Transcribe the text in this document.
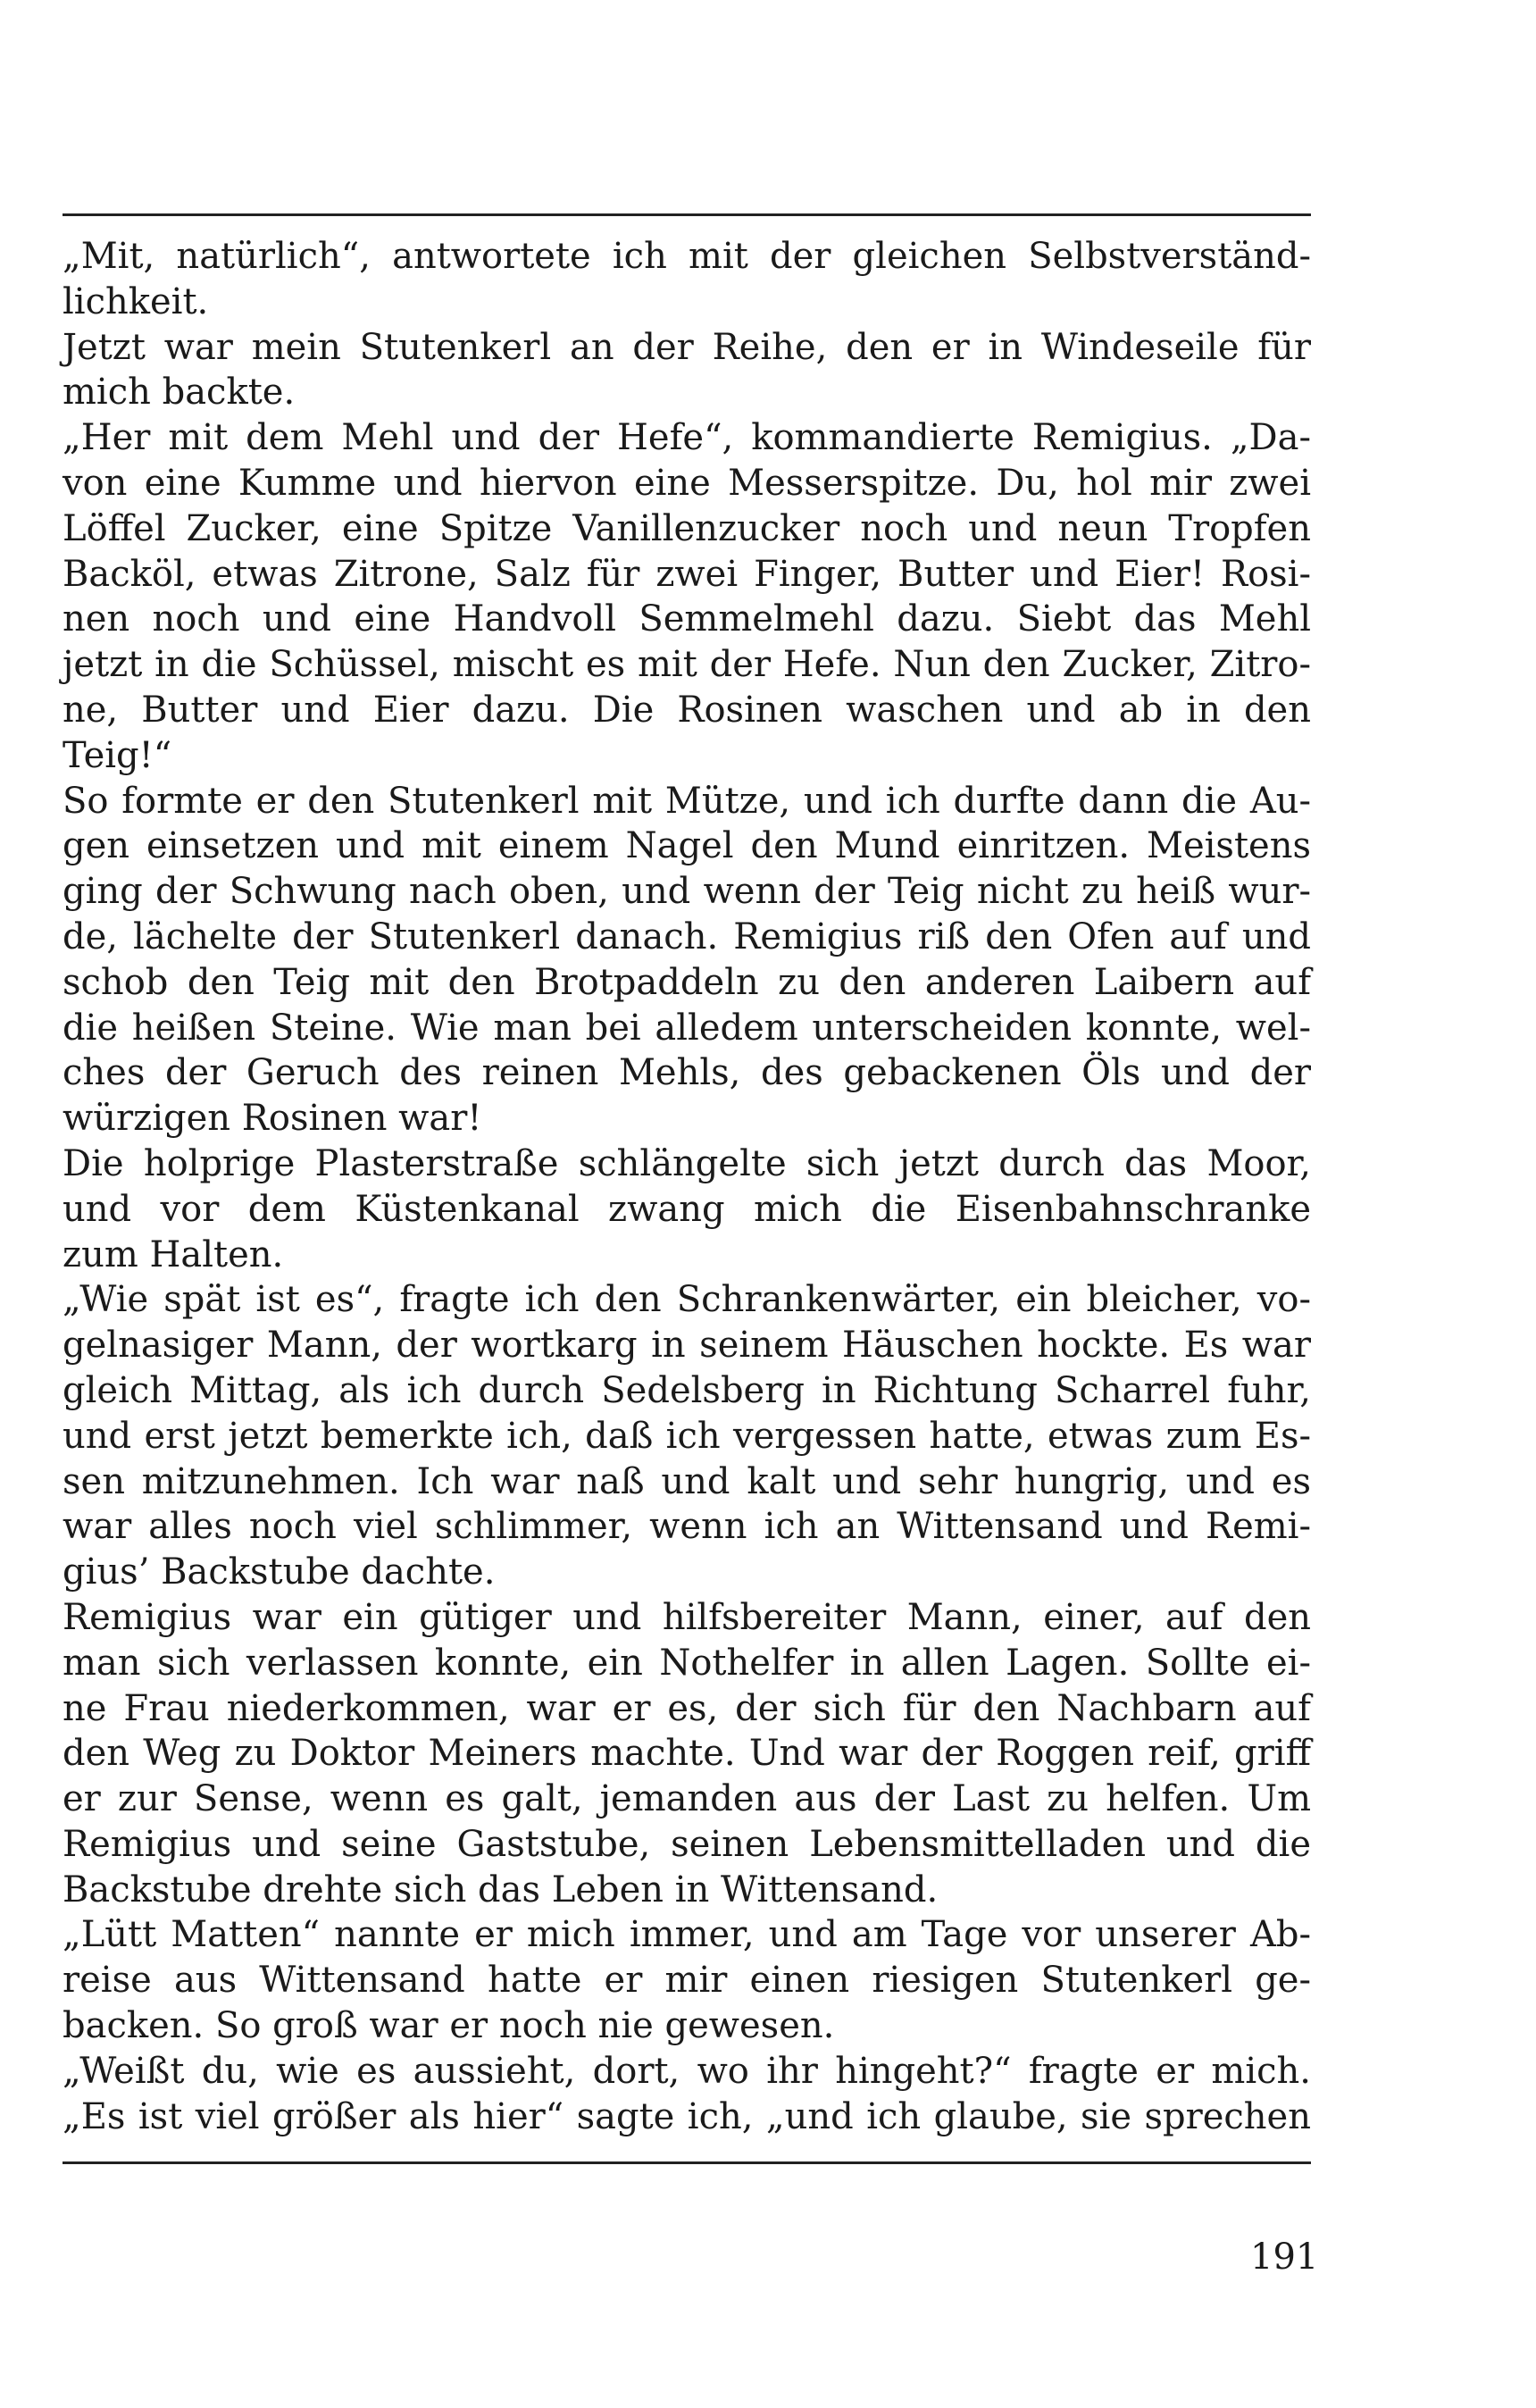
„Mit, natürlich“, antwortete ich mit der gleichen Selbstverständ-
lichkeit.
Jetzt war mein Stutenkerl an der Reihe, den er in Windeseile für
mich backte.
„Her mit dem Mehl und der Hefe“, kommandierte Remigius. „Da-
von eine Kumme und hiervon eine Messerspitze. Du, hol mir zwei
Löffel Zucker, eine Spitze Vanillenzucker noch und neun Tropfen
Backöl, etwas Zitrone, Salz für zwei Finger, Butter und Eier! Rosi-
nen noch und eine Handvoll Semmelmehl dazu. Siebt das Mehl
jetzt in die Schüssel, mischt es mit der Hefe. Nun den Zucker, Zitro-
ne, Butter und Eier dazu. Die Rosinen waschen und ab in den
Teig!“
So formte er den Stutenkerl mit Mütze, und ich durfte dann die Au-
gen einsetzen und mit einem Nagel den Mund einritzen. Meistens
ging der Schwung nach oben, und wenn der Teig nicht zu heiß wur-
de, lächelte der Stutenkerl danach. Remigius riß den Ofen auf und
schob den Teig mit den Brotpaddeln zu den anderen Laibern auf
die heißen Steine. Wie man bei alledem unterscheiden konnte, wel-
ches der Geruch des reinen Mehls, des gebackenen Öls und der
würzigen Rosinen war!
Die holprige Plasterstraße schlängelte sich jetzt durch das Moor,
und vor dem Küstenkanal zwang mich die Eisenbahnschranke
zum Halten.
„Wie spät ist es“, fragte ich den Schrankenwärter, ein bleicher, vo-
gelnasiger Mann, der wortkarg in seinem Häuschen hockte. Es war
gleich Mittag, als ich durch Sedelsberg in Richtung Scharrel fuhr,
und erst jetzt bemerkte ich, daß ich vergessen hatte, etwas zum Es-
sen mitzunehmen. Ich war naß und kalt und sehr hungrig, und es
war alles noch viel schlimmer, wenn ich an Wittensand und Remi-
gius’ Backstube dachte.
Remigius war ein gütiger und hilfsbereiter Mann, einer, auf den
man sich verlassen konnte, ein Nothelfer in allen Lagen. Sollte ei-
ne Frau niederkommen, war er es, der sich für den Nachbarn auf
den Weg zu Doktor Meiners machte. Und war der Roggen reif, griff
er zur Sense, wenn es galt, jemanden aus der Last zu helfen. Um
Remigius und seine Gaststube, seinen Lebensmittelladen und die
Backstube drehte sich das Leben in Wittensand.
„Lütt Matten“ nannte er mich immer, und am Tage vor unserer Ab-
reise aus Wittensand hatte er mir einen riesigen Stutenkerl ge-
backen. So groß war er noch nie gewesen.
„Weißt du, wie es aussieht, dort, wo ihr hingeht?“ fragte er mich.
„Es ist viel größer als hier“ sagte ich, „und ich glaube, sie sprechen
191
